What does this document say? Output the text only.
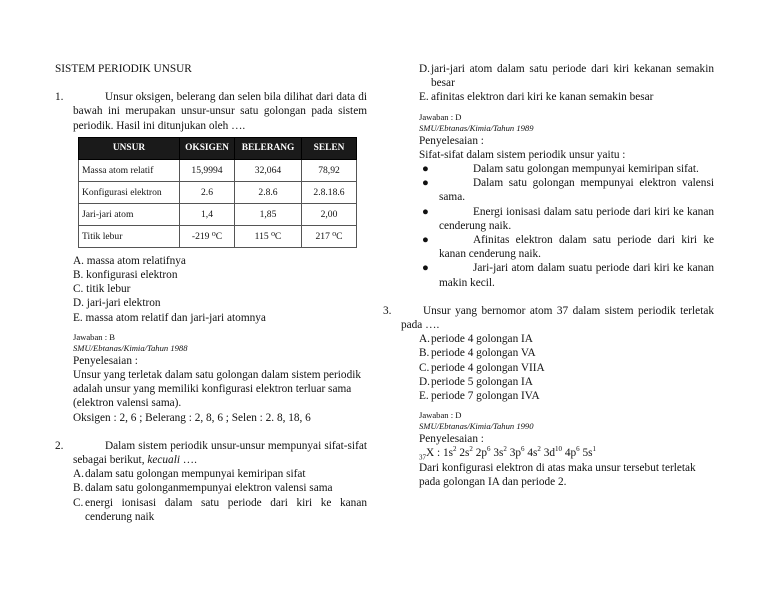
SISTEM PERIODIK UNSUR
1.	Unsur oksigen, belerang dan selen bila dilihat dari data di bawah ini merupakan unsur-unsur satu golongan pada sistem periodik. Hasil ini ditunjukan oleh ….
UNSUR	OKSIGEN	BELERANG	SELEN
Massa atom relatif	15,9994	32,064	78,92
Konfigurasi elektron	2.6	2.8.6	2.8.18.6
Jari-jari atom	1,4	1,85	2,00
Titik lebur	-219 ⁰C	115 ⁰C	217 ⁰C
A. massa atom relatifnya
B. konfigurasi elektron
C. titik lebur
D. jari-jari elektron
E. massa atom relatif dan jari-jari atomnya
Jawaban : B
SMU/Ebtanas/Kimia/Tahun 1988
Penyelesaian :
Unsur yang terletak dalam satu golongan dalam sistem periodik adalah unsur yang memiliki konfigurasi elektron terluar sama (elektron valensi sama).
Oksigen : 2, 6 ; Belerang : 2, 8, 6 ; Selen : 2. 8, 18, 6
2.	Dalam sistem periodik unsur-unsur mempunyai sifat-sifat sebagai berikut, kecuali ….
A. dalam satu golongan mempunyai kemiripan sifat
B. dalam satu golonganmempunyai elektron valensi sama
C. energi ionisasi dalam satu periode dari kiri ke kanan cenderung naik
D. jari-jari atom dalam satu periode dari kiri kekanan semakin besar
E. afinitas elektron dari kiri ke kanan semakin besar
Jawaban : D
SMU/Ebtanas/Kimia/Tahun 1989
Penyelesaian :
Sifat-sifat dalam sistem periodik unsur yaitu :
●	Dalam satu golongan mempunyai kemiripan sifat.
●	Dalam satu golongan mempunyai elektron valensi sama.
●	Energi ionisasi dalam satu periode dari kiri ke kanan cenderung naik.
●	Afinitas elektron dalam satu periode dari kiri ke kanan cenderung naik.
●	Jari-jari atom dalam suatu periode dari kiri ke kanan makin kecil.
3.	Unsur yang bernomor atom 37 dalam sistem periodik terletak pada ….
A. periode 4 golongan IA
B. periode 4 golongan VA
C. periode 4 golongan VIIA
D. periode 5 golongan IA
E. periode 7 golongan IVA
Jawaban : D
SMU/Ebtanas/Kimia/Tahun 1990
Penyelesaian :
$_{37}$X : $1s^2$ $2s^2$ $2p^6$ $3s^2$ $3p^6$ $4s^2$ $3d^{10}$ $4p^6$ $5s^1$
Dari konfigurasi elektron di atas maka unsur tersebut terletak pada golongan IA dan periode 2.
